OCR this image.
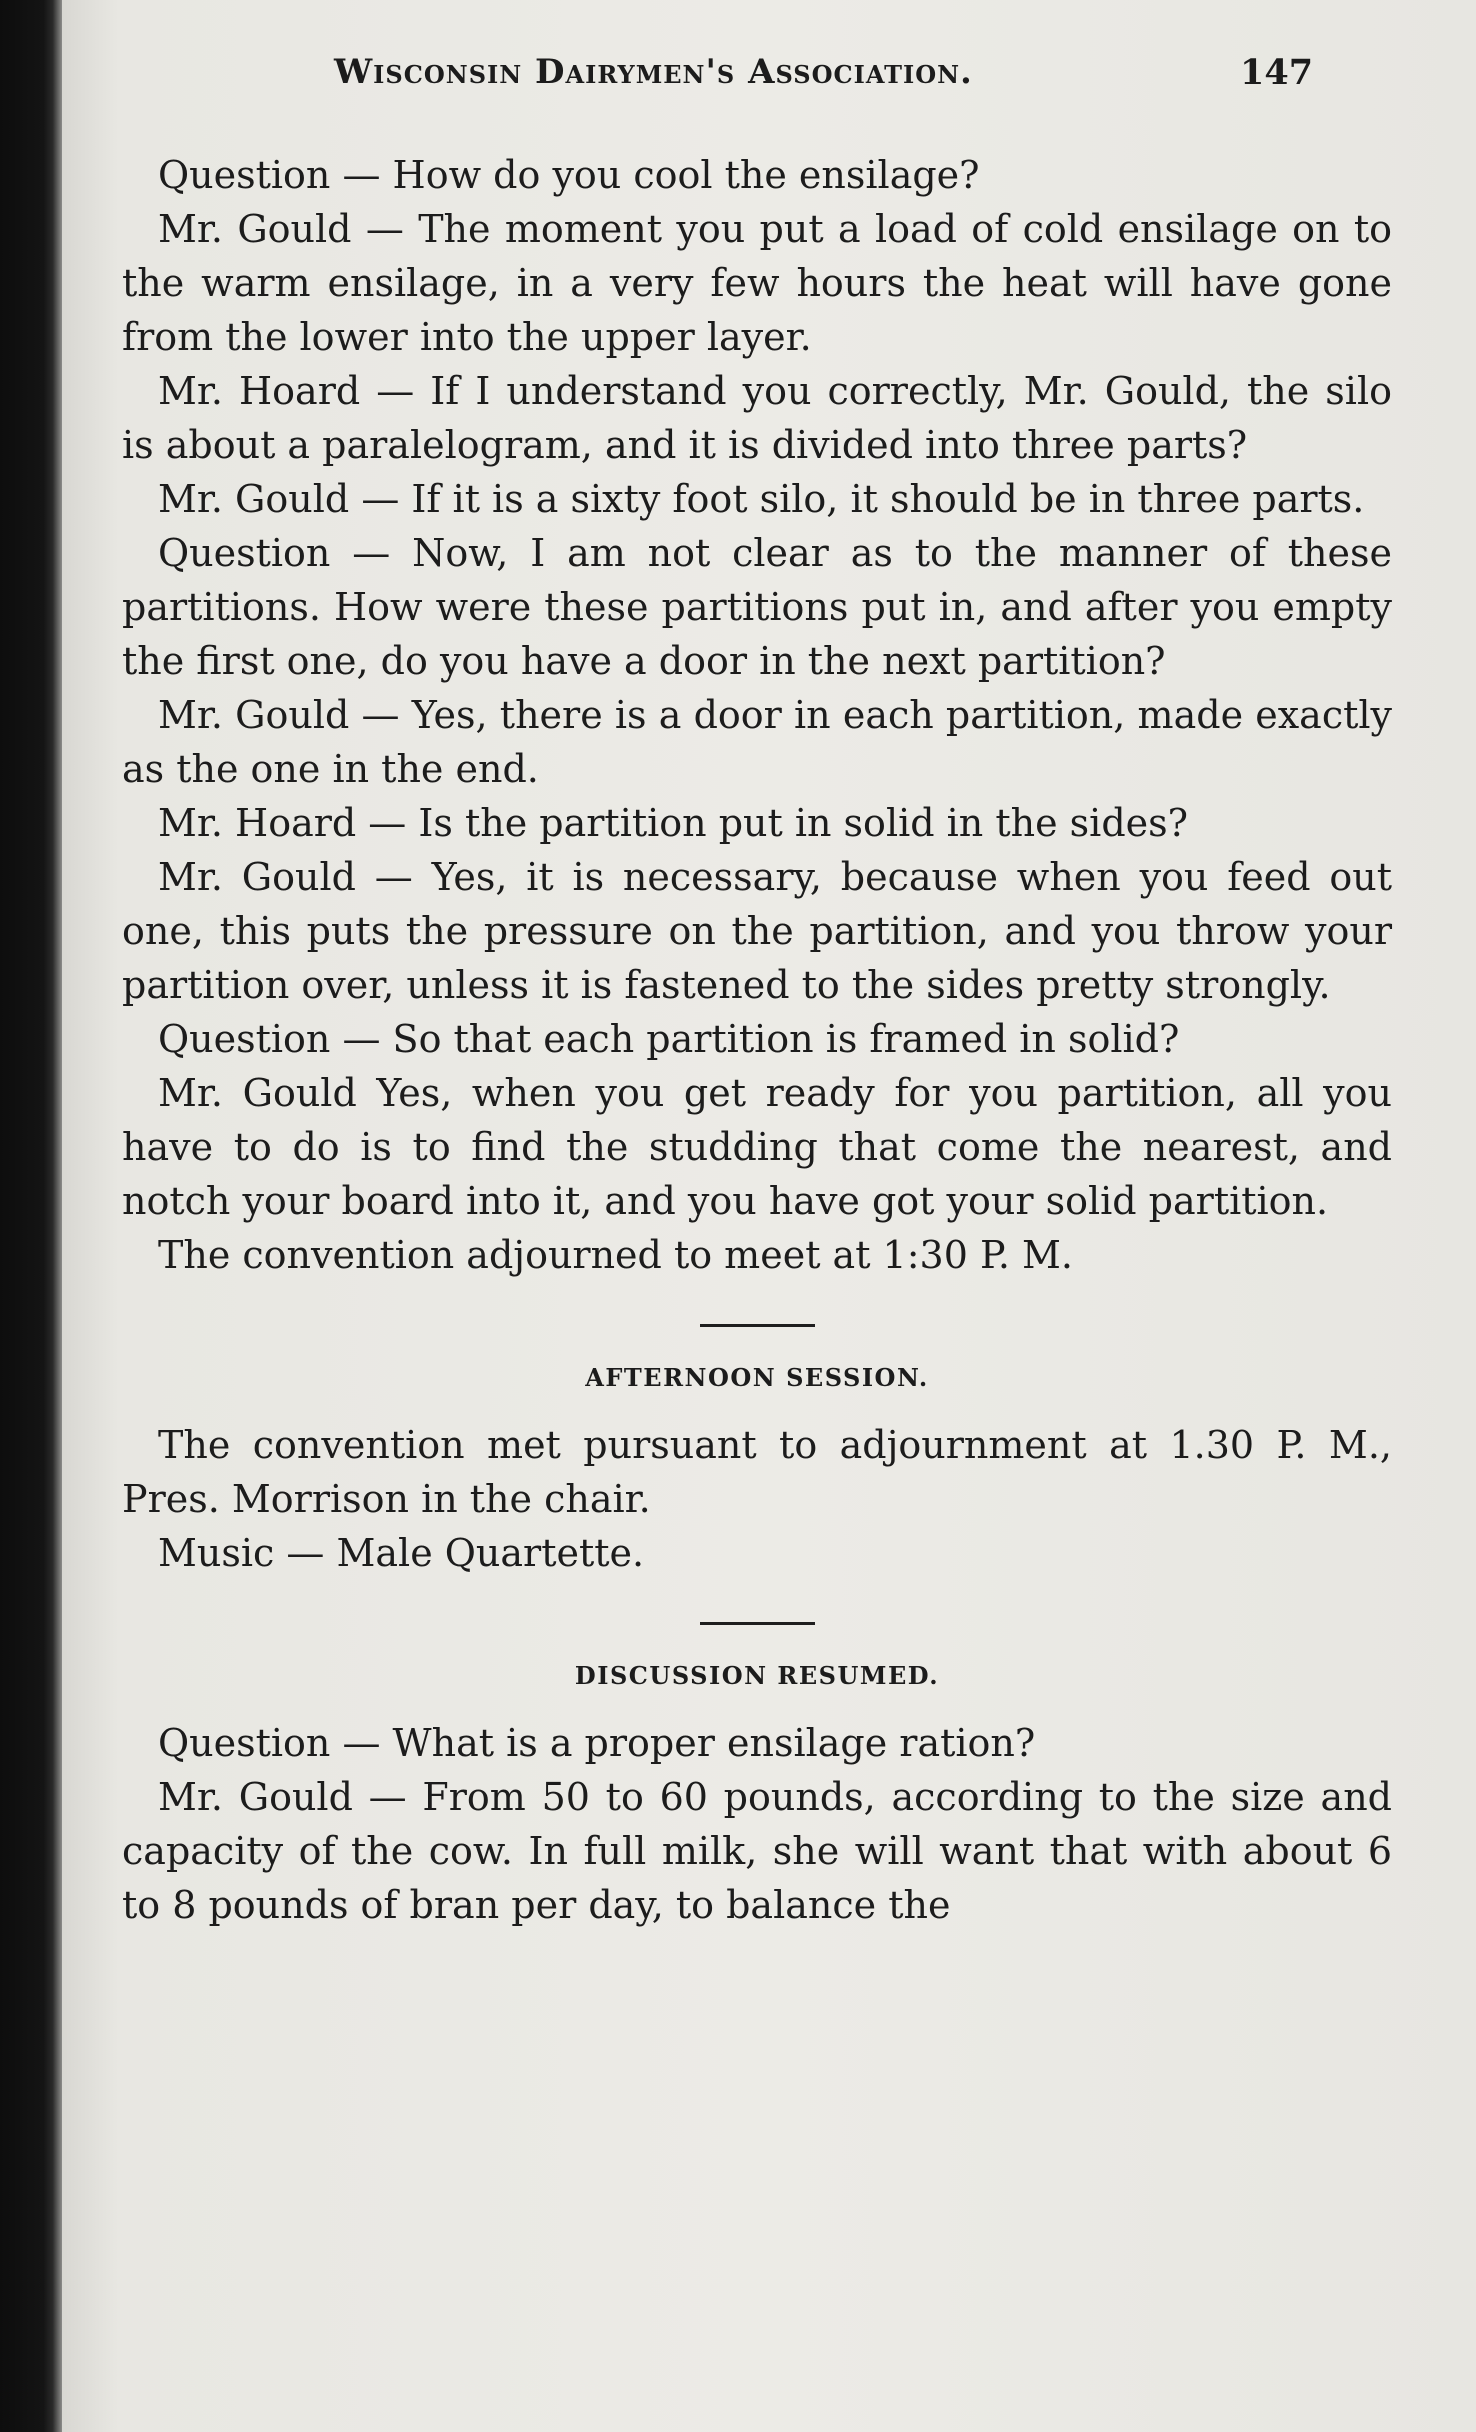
Wisconsin Dairymen's Association.	147

Question — How do you cool the ensilage?

Mr. Gould — The moment you put a load of cold ensilage on to the warm ensilage, in a very few hours the heat will have gone from the lower into the upper layer.

Mr. Hoard — If I understand you correctly, Mr. Gould, the silo is about a paralelogram, and it is divided into three parts?

Mr. Gould — If it is a sixty foot silo, it should be in three parts.

Question — Now, I am not clear as to the manner of these partitions. How were these partitions put in, and after you empty the first one, do you have a door in the next partition?

Mr. Gould — Yes, there is a door in each partition, made exactly as the one in the end.

Mr. Hoard — Is the partition put in solid in the sides?

Mr. Gould — Yes, it is necessary, because when you feed out one, this puts the pressure on the partition, and you throw your partition over, unless it is fastened to the sides pretty strongly.

Question — So that each partition is framed in solid?

Mr. Gould Yes, when you get ready for you partition, all you have to do is to find the studding that come the nearest, and notch your board into it, and you have got your solid partition.

The convention adjourned to meet at 1:30 P. M.

AFTERNOON SESSION.

The convention met pursuant to adjournment at 1.30 P. M., Pres. Morrison in the chair.

Music — Male Quartette.

DISCUSSION RESUMED.

Question — What is a proper ensilage ration?

Mr. Gould — From 50 to 60 pounds, according to the size and capacity of the cow. In full milk, she will want that with about 6 to 8 pounds of bran per day, to balance the
